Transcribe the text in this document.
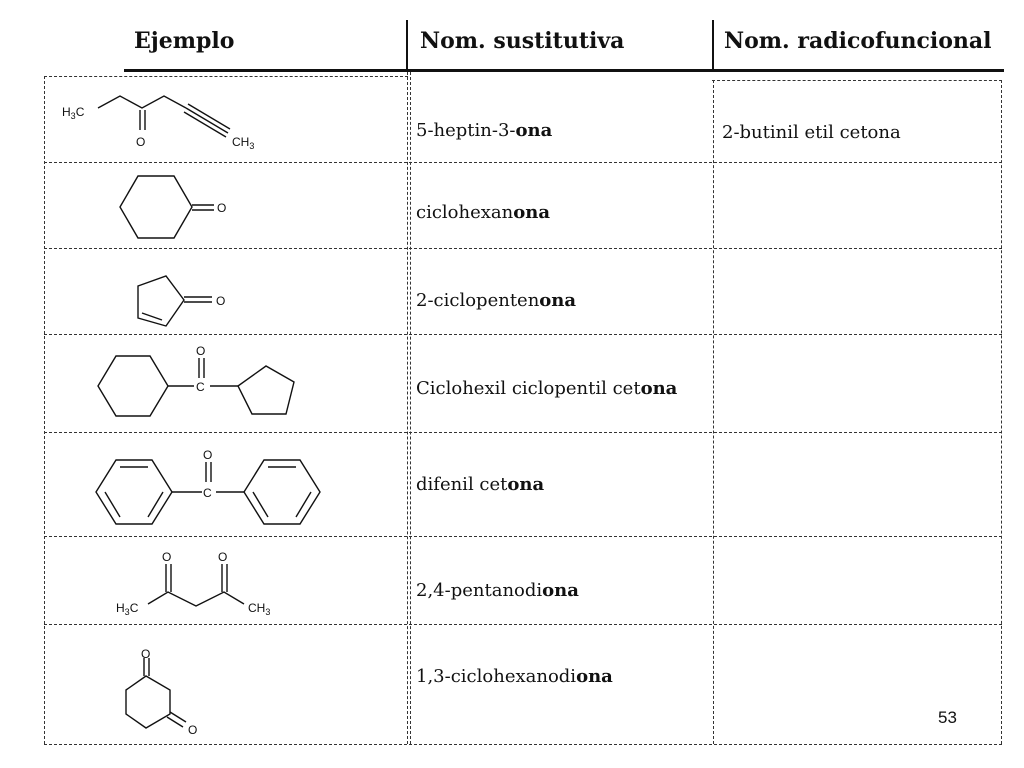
Ejemplo	Nom. sustitutiva	Nom. radicofuncional
$H_3C$
O	$CH_3$
5-heptin-3-ona	2-butinil etil cetona
O	ciclohexanona
O	2-ciclopentenona
O
C	Ciclohexil ciclopentil cetona
O
C	difenil cetona
O	O
$H_3C$	$CH_3$
2,4-pentanodiona
O
O
1,3-ciclohexanodiona
53
